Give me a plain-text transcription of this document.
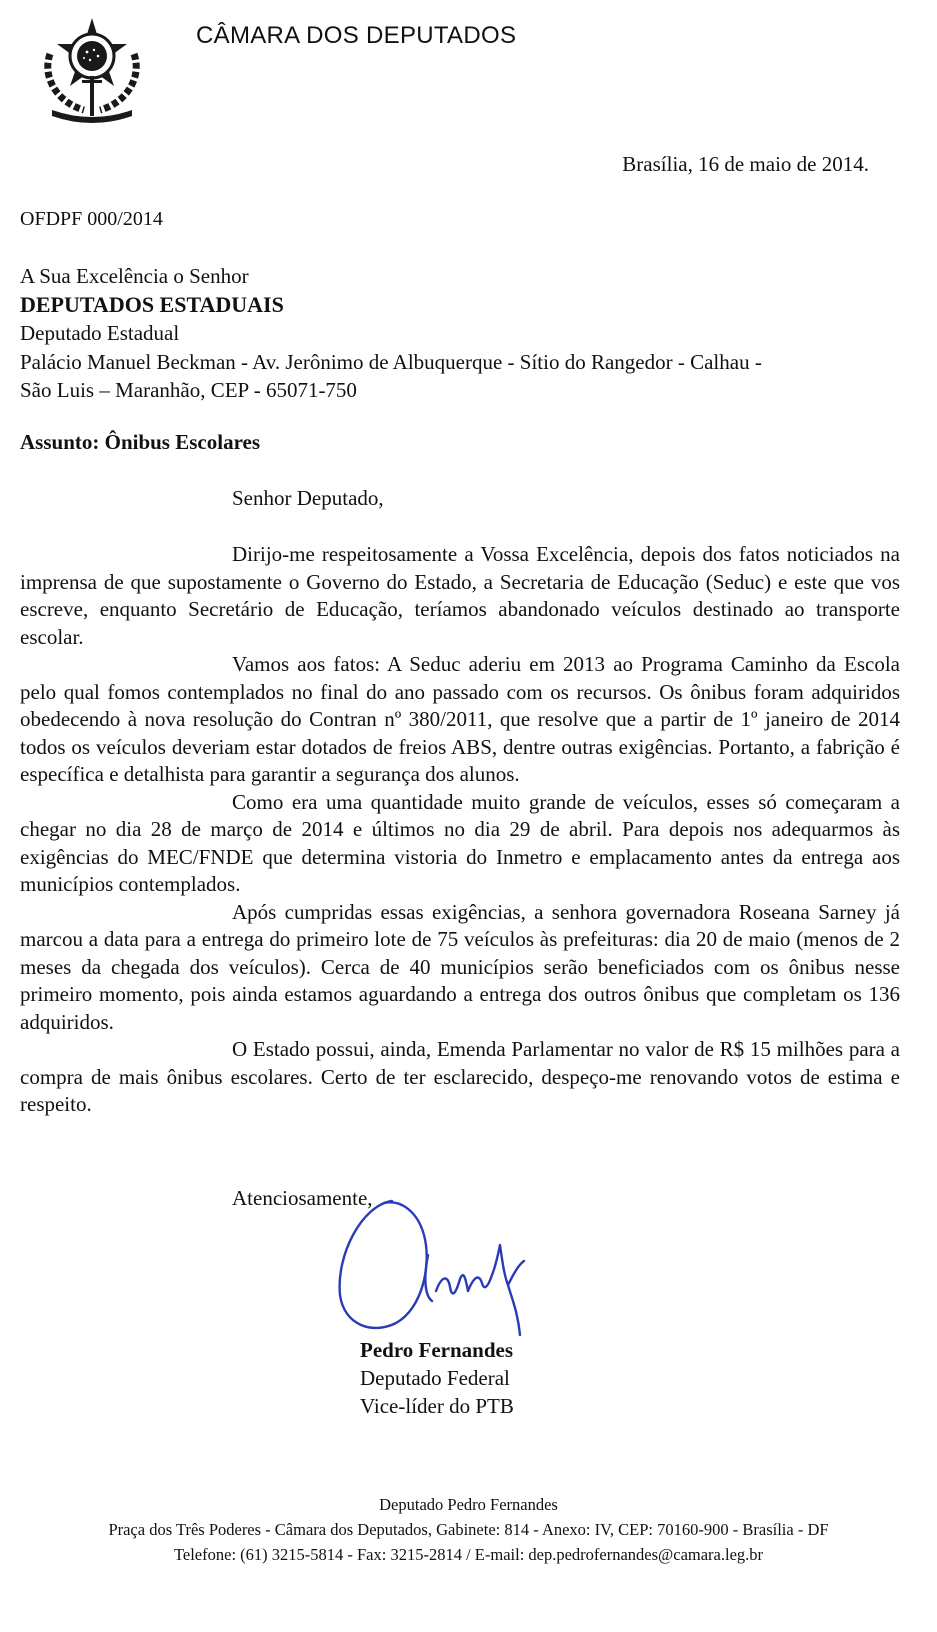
CÂMARA DOS DEPUTADOS
Brasília, 16 de maio de 2014.
OFDPF 000/2014
A Sua Excelência o Senhor
DEPUTADOS ESTADUAIS
Deputado Estadual
Palácio Manuel Beckman - Av. Jerônimo de Albuquerque - Sítio do Rangedor - Calhau -
São Luis – Maranhão, CEP - 65071-750
Assunto: Ônibus Escolares
Senhor Deputado,

Dirijo-me respeitosamente a Vossa Excelência, depois dos fatos noticiados na imprensa de que supostamente o Governo do Estado, a Secretaria de Educação (Seduc) e este que vos escreve, enquanto Secretário de Educação, teríamos abandonado veículos destinado ao transporte escolar.

Vamos aos fatos: A Seduc aderiu em 2013 ao Programa Caminho da Escola pelo qual fomos contemplados no final do ano passado com os recursos. Os ônibus foram adquiridos obedecendo à nova resolução do Contran nº 380/2011, que resolve que a partir de 1º janeiro de 2014 todos os veículos deveriam estar dotados de freios ABS, dentre outras exigências. Portanto, a fabrição é específica e detalhista para garantir a segurança dos alunos.

Como era uma quantidade muito grande de veículos, esses só começaram a chegar no dia 28 de março de 2014 e últimos no dia 29 de abril. Para depois nos adequarmos às exigências do MEC/FNDE que determina vistoria do Inmetro e emplacamento antes da entrega aos municípios contemplados.

Após cumpridas essas exigências, a senhora governadora Roseana Sarney já marcou a data para a entrega do primeiro lote de 75 veículos às prefeituras: dia 20 de maio (menos de 2 meses da chegada dos veículos). Cerca de 40 municípios serão beneficiados com os ônibus nesse primeiro momento, pois ainda estamos aguardando a entrega dos outros ônibus que completam os 136 adquiridos.

O Estado possui, ainda, Emenda Parlamentar no valor de R$ 15 milhões para a compra de mais ônibus escolares. Certo de ter esclarecido, despeço-me renovando votos de estima e respeito.

Atenciosamente,
Pedro Fernandes
Deputado Federal
Vice-líder do PTB
Deputado Pedro Fernandes
Praça dos Três Poderes - Câmara dos Deputados, Gabinete: 814 - Anexo: IV, CEP: 70160-900 - Brasília - DF
Telefone: (61) 3215-5814 - Fax: 3215-2814 / E-mail: dep.pedrofernandes@camara.leg.br
